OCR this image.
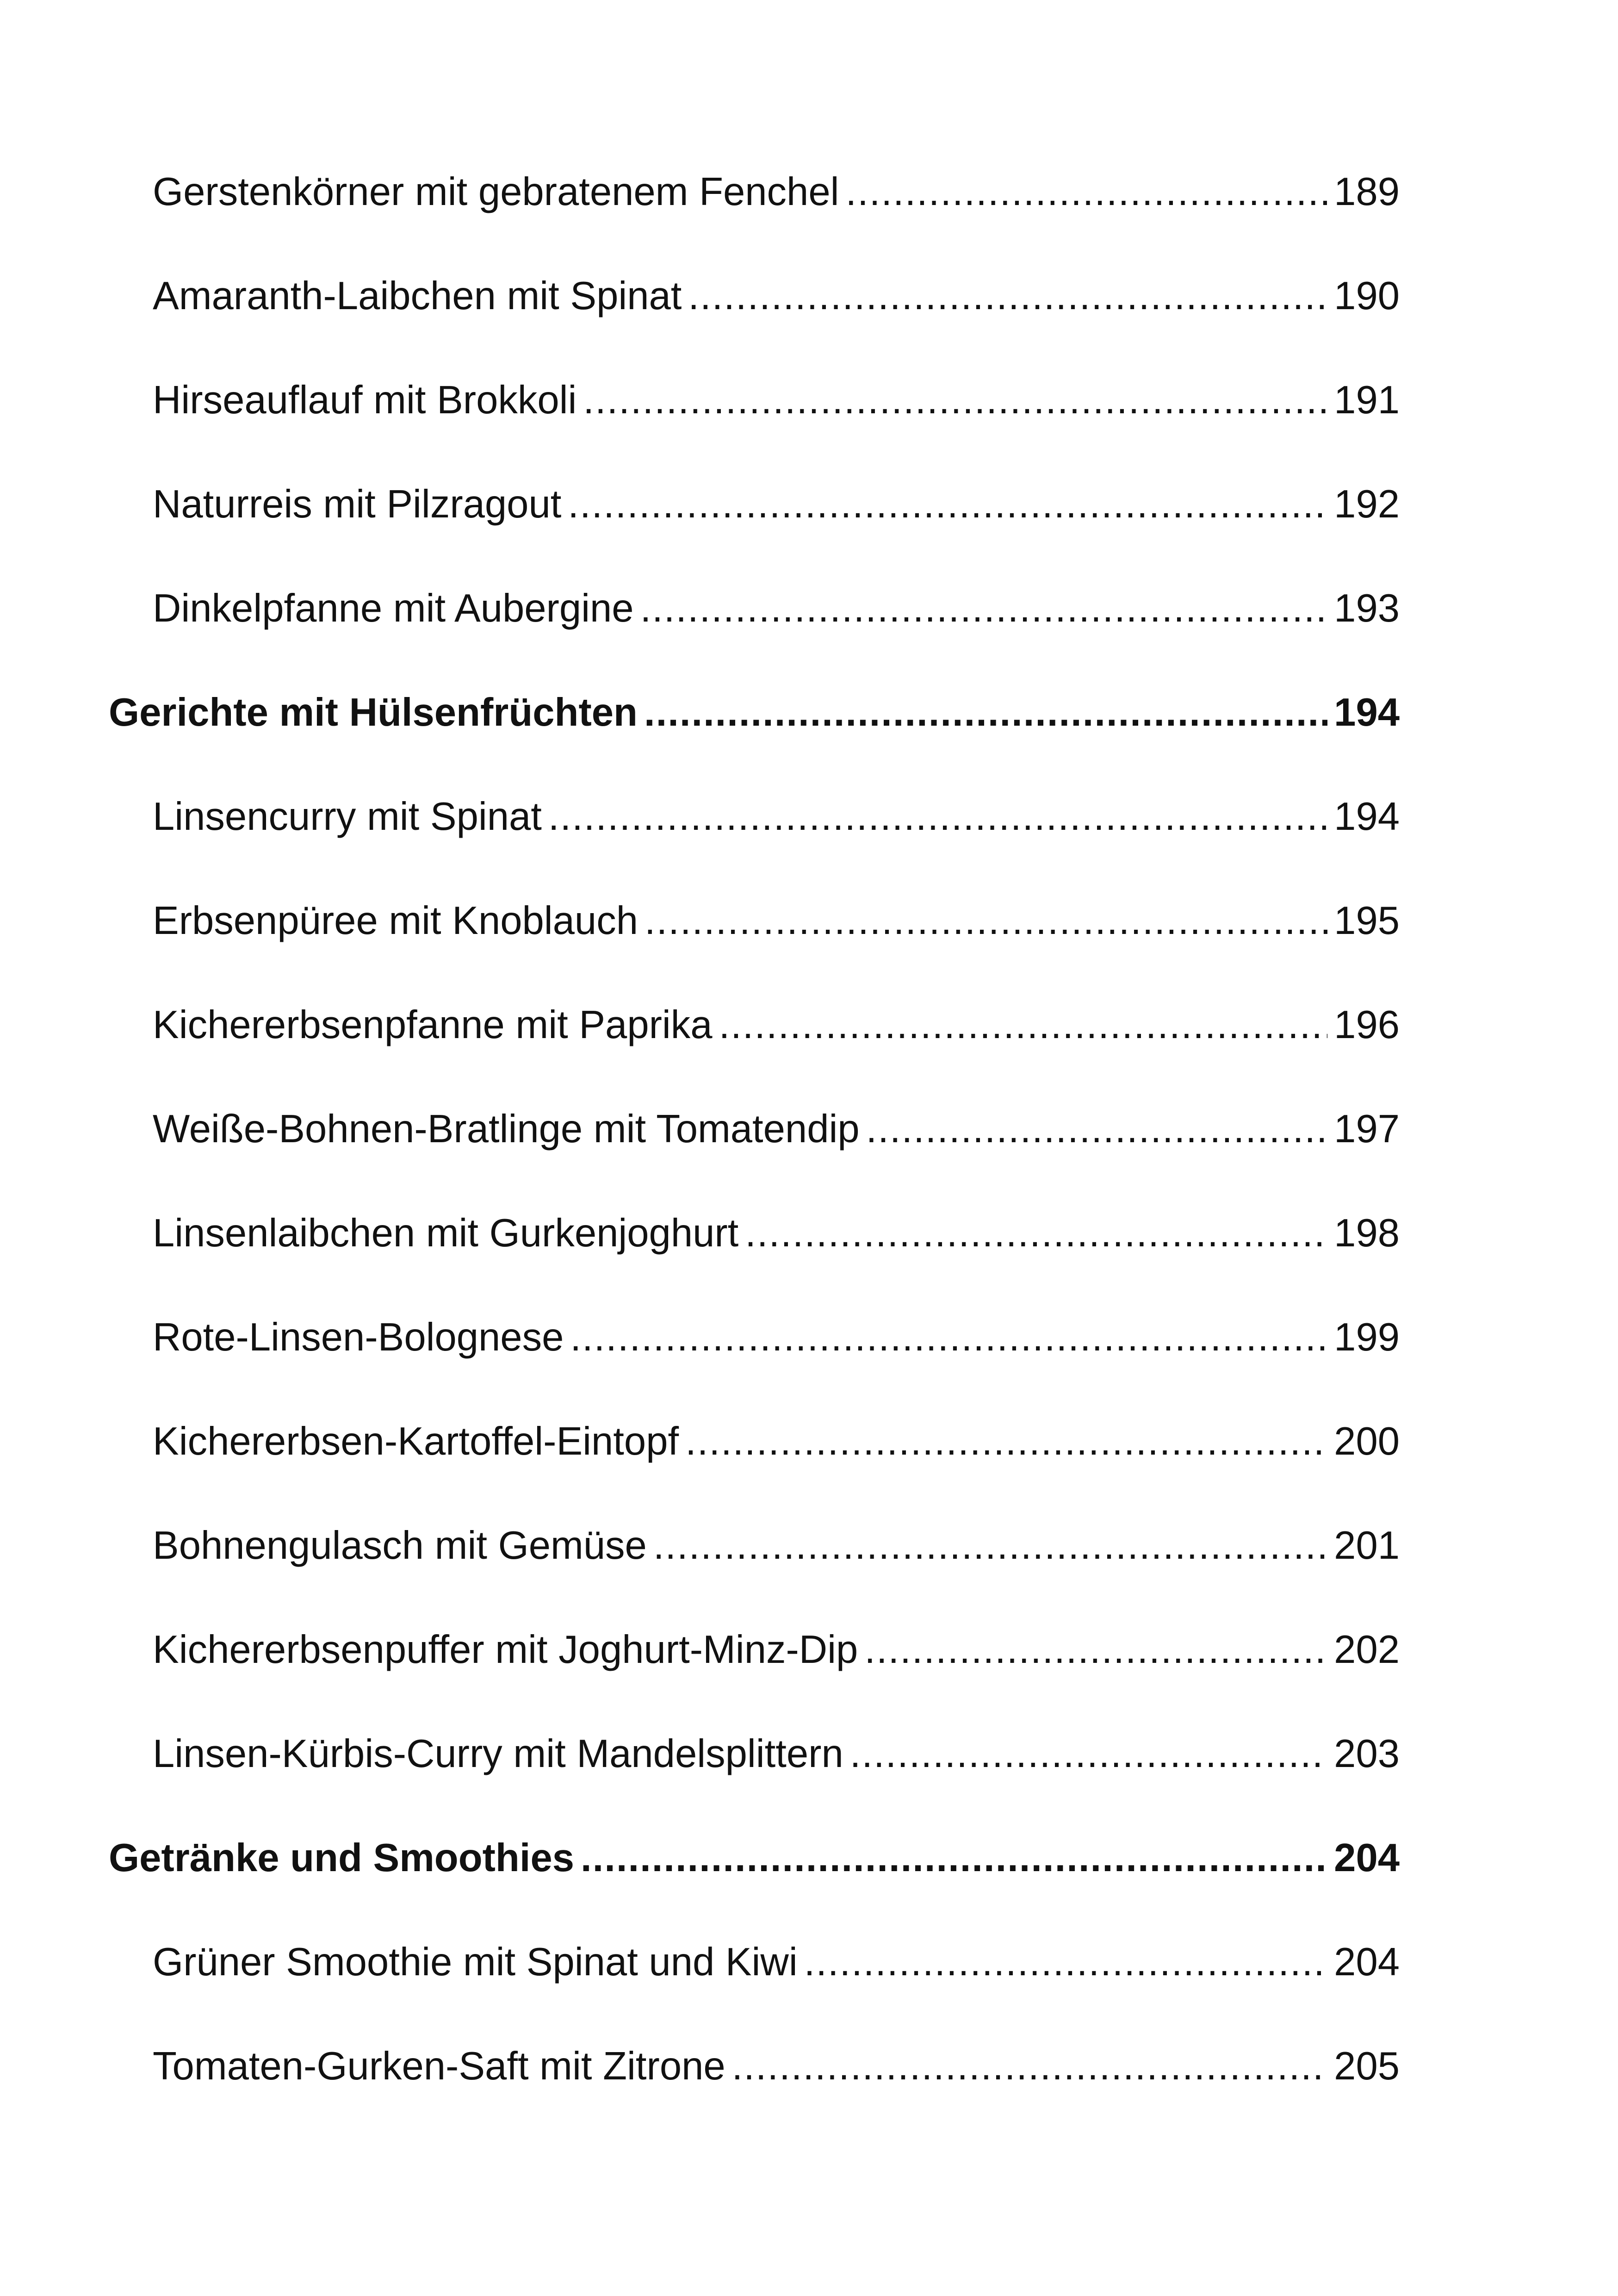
Gerstenkörner mit gebratenem Fenchel .....	189
Amaranth-Laibchen mit Spinat .....	190
Hirseauflauf mit Brokkoli .....	191
Naturreis mit Pilzragout .....	192
Dinkelpfanne mit Aubergine .....	193
Gerichte mit Hülsenfrüchten .....	194
Linsencurry mit Spinat .....	194
Erbsenpüree mit Knoblauch .....	195
Kichererbsenpfanne mit Paprika .....	196
Weiße-Bohnen-Bratlinge mit Tomatendip .....	197
Linsenlaibchen mit Gurkenjoghurt .....	198
Rote-Linsen-Bolognese .....	199
Kichererbsen-Kartoffel-Eintopf .....	200
Bohnengulasch mit Gemüse .....	201
Kichererbsenpuffer mit Joghurt-Minz-Dip .....	202
Linsen-Kürbis-Curry mit Mandelsplittern .....	203
Getränke und Smoothies .....	204
Grüner Smoothie mit Spinat und Kiwi .....	204
Tomaten-Gurken-Saft mit Zitrone .....	205
